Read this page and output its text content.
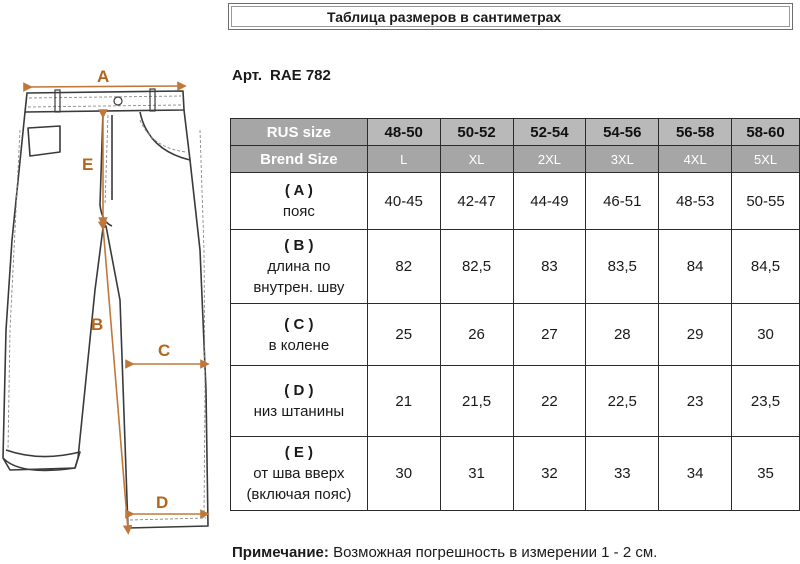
Таблица размеров в сантиметрах
Арт. RAE 782
A
E
B
C
D
RUS size	48-50	50-52	52-54	54-56	56-58	58-60
Brend Size	L	XL	2XL	3XL	4XL	5XL
( A )
пояс	40-45	42-47	44-49	46-51	48-53	50-55
( B )
длина по
внутрен. шву	82	82,5	83	83,5	84	84,5
( C )
в колене	25	26	27	28	29	30
( D )
низ штанины	21	21,5	22	22,5	23	23,5
( E )
от шва вверх
(включая пояс)	30	31	32	33	34	35
Примечание: Возможная погрешность в измерении 1 - 2 см.
